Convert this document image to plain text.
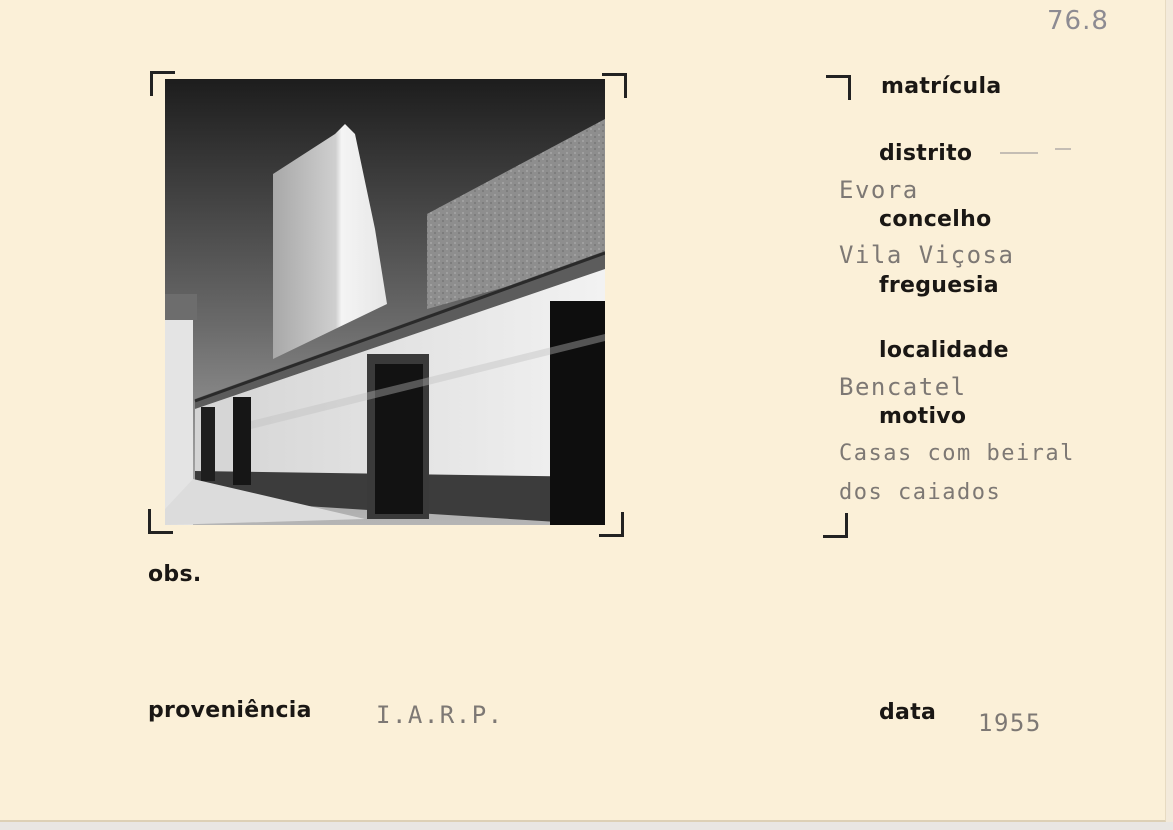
76.8
matrícula
distrito
Evora
concelho
Vila Viçosa
freguesia
localidade
Bencatel
motivo
Casas com beiral
dos caiados
obs.
proveniência	I.A.R.P.	data 1955
